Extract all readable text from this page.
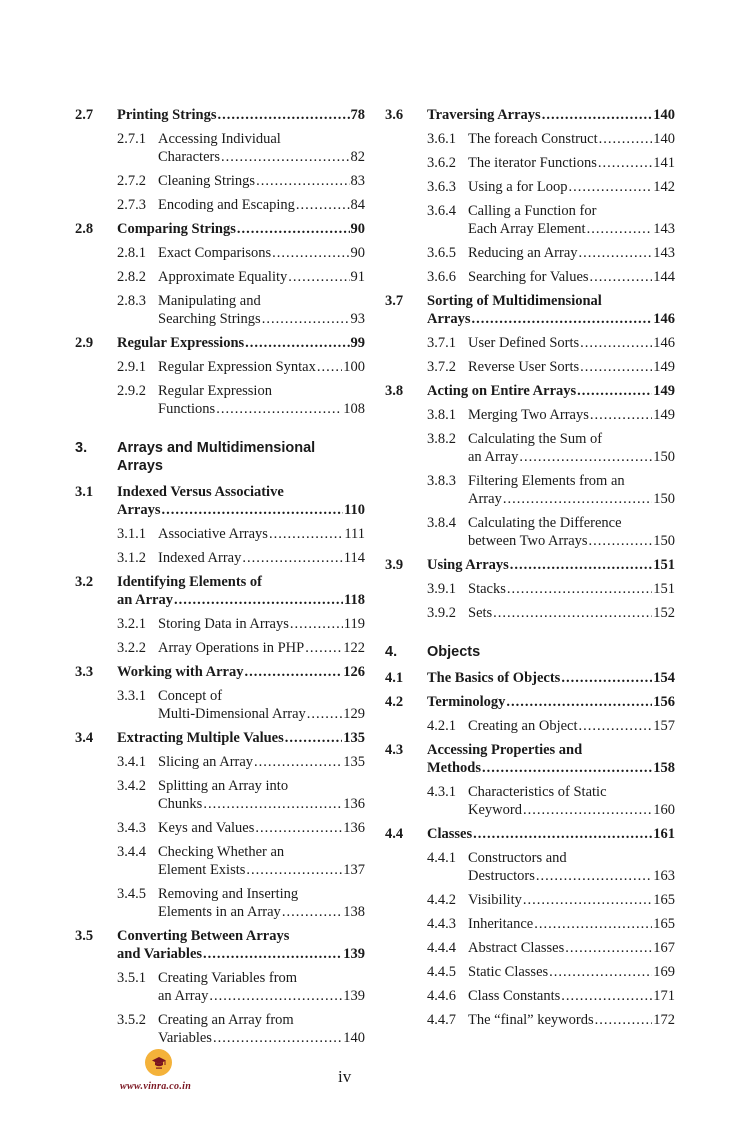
2.7	Printing Strings .....	78
2.7.1 Accessing Individual
Characters .....	82
2.7.2 Cleaning Strings .....	83
2.7.3 Encoding and Escaping .....	84
2.8	Comparing Strings .....	90
2.8.1 Exact Comparisons .....	90
2.8.2 Approximate Equality .....	91
2.8.3 Manipulating and
Searching Strings .....	93
2.9	Regular Expressions .....	99
2.9.1 Regular Expression Syntax ..... 100
2.9.2 Regular Expression
Functions .....	108
3.	Arrays and Multidimensional
Arrays
3.1	Indexed Versus Associative
Arrays .....	110
3.1.1 Associative Arrays .....	111
3.1.2 Indexed Array .....	114
3.2	Identifying Elements of
an Array .....	118
3.2.1 Storing Data in Arrays .....	119
3.2.2 Array Operations in PHP .....	122
3.3	Working with Array .....	126
3.3.1 Concept of
Multi-Dimensional Array .....	129
3.4	Extracting Multiple Values .....	135
3.4.1 Slicing an Array .....	135
3.4.2 Splitting an Array into
Chunks .....	136
3.4.3 Keys and Values .....	136
3.4.4 Checking Whether an
Element Exists .....	137
3.4.5 Removing and Inserting
Elements in an Array .....	138
3.5	Converting Between Arrays
and Variables .....	139
3.5.1 Creating Variables from
an Array .....	139
3.5.2 Creating an Array from
Variables .....	140
3.6	Traversing Arrays .....	140
3.6.1 The foreach Construct .....	140
3.6.2 The iterator Functions .....	141
3.6.3 Using a for Loop .....	142
3.6.4 Calling a Function for
Each Array Element .....	143
3.6.5 Reducing an Array .....	143
3.6.6 Searching for Values .....	144
3.7	Sorting of Multidimensional
Arrays .....	146
3.7.1 User Defined Sorts .....	146
3.7.2 Reverse User Sorts .....	149
3.8	Acting on Entire Arrays .....	149
3.8.1 Merging Two Arrays .....	149
3.8.2 Calculating the Sum of
an Array .....	150
3.8.3 Filtering Elements from an
Array .....	150
3.8.4 Calculating the Difference
between Two Arrays .....	150
3.9	Using Arrays .....	151
3.9.1 Stacks .....	151
3.9.2 Sets .....	152
4.	Objects
4.1	The Basics of Objects .....	154
4.2	Terminology .....	156
4.2.1 Creating an Object .....	157
4.3	Accessing Properties and
Methods .....	158
4.3.1 Characteristics of Static
Keyword .....	160
4.4	Classes .....	161
4.4.1 Constructors and
Destructors .....	163
4.4.2 Visibility .....	165
4.4.3 Inheritance .....	165
4.4.4 Abstract Classes .....	167
4.4.5 Static Classes .....	169
4.4.6 Class Constants .....	171
4.4.7 The “final” keywords .....	172
www.vinra.co.in
iv
